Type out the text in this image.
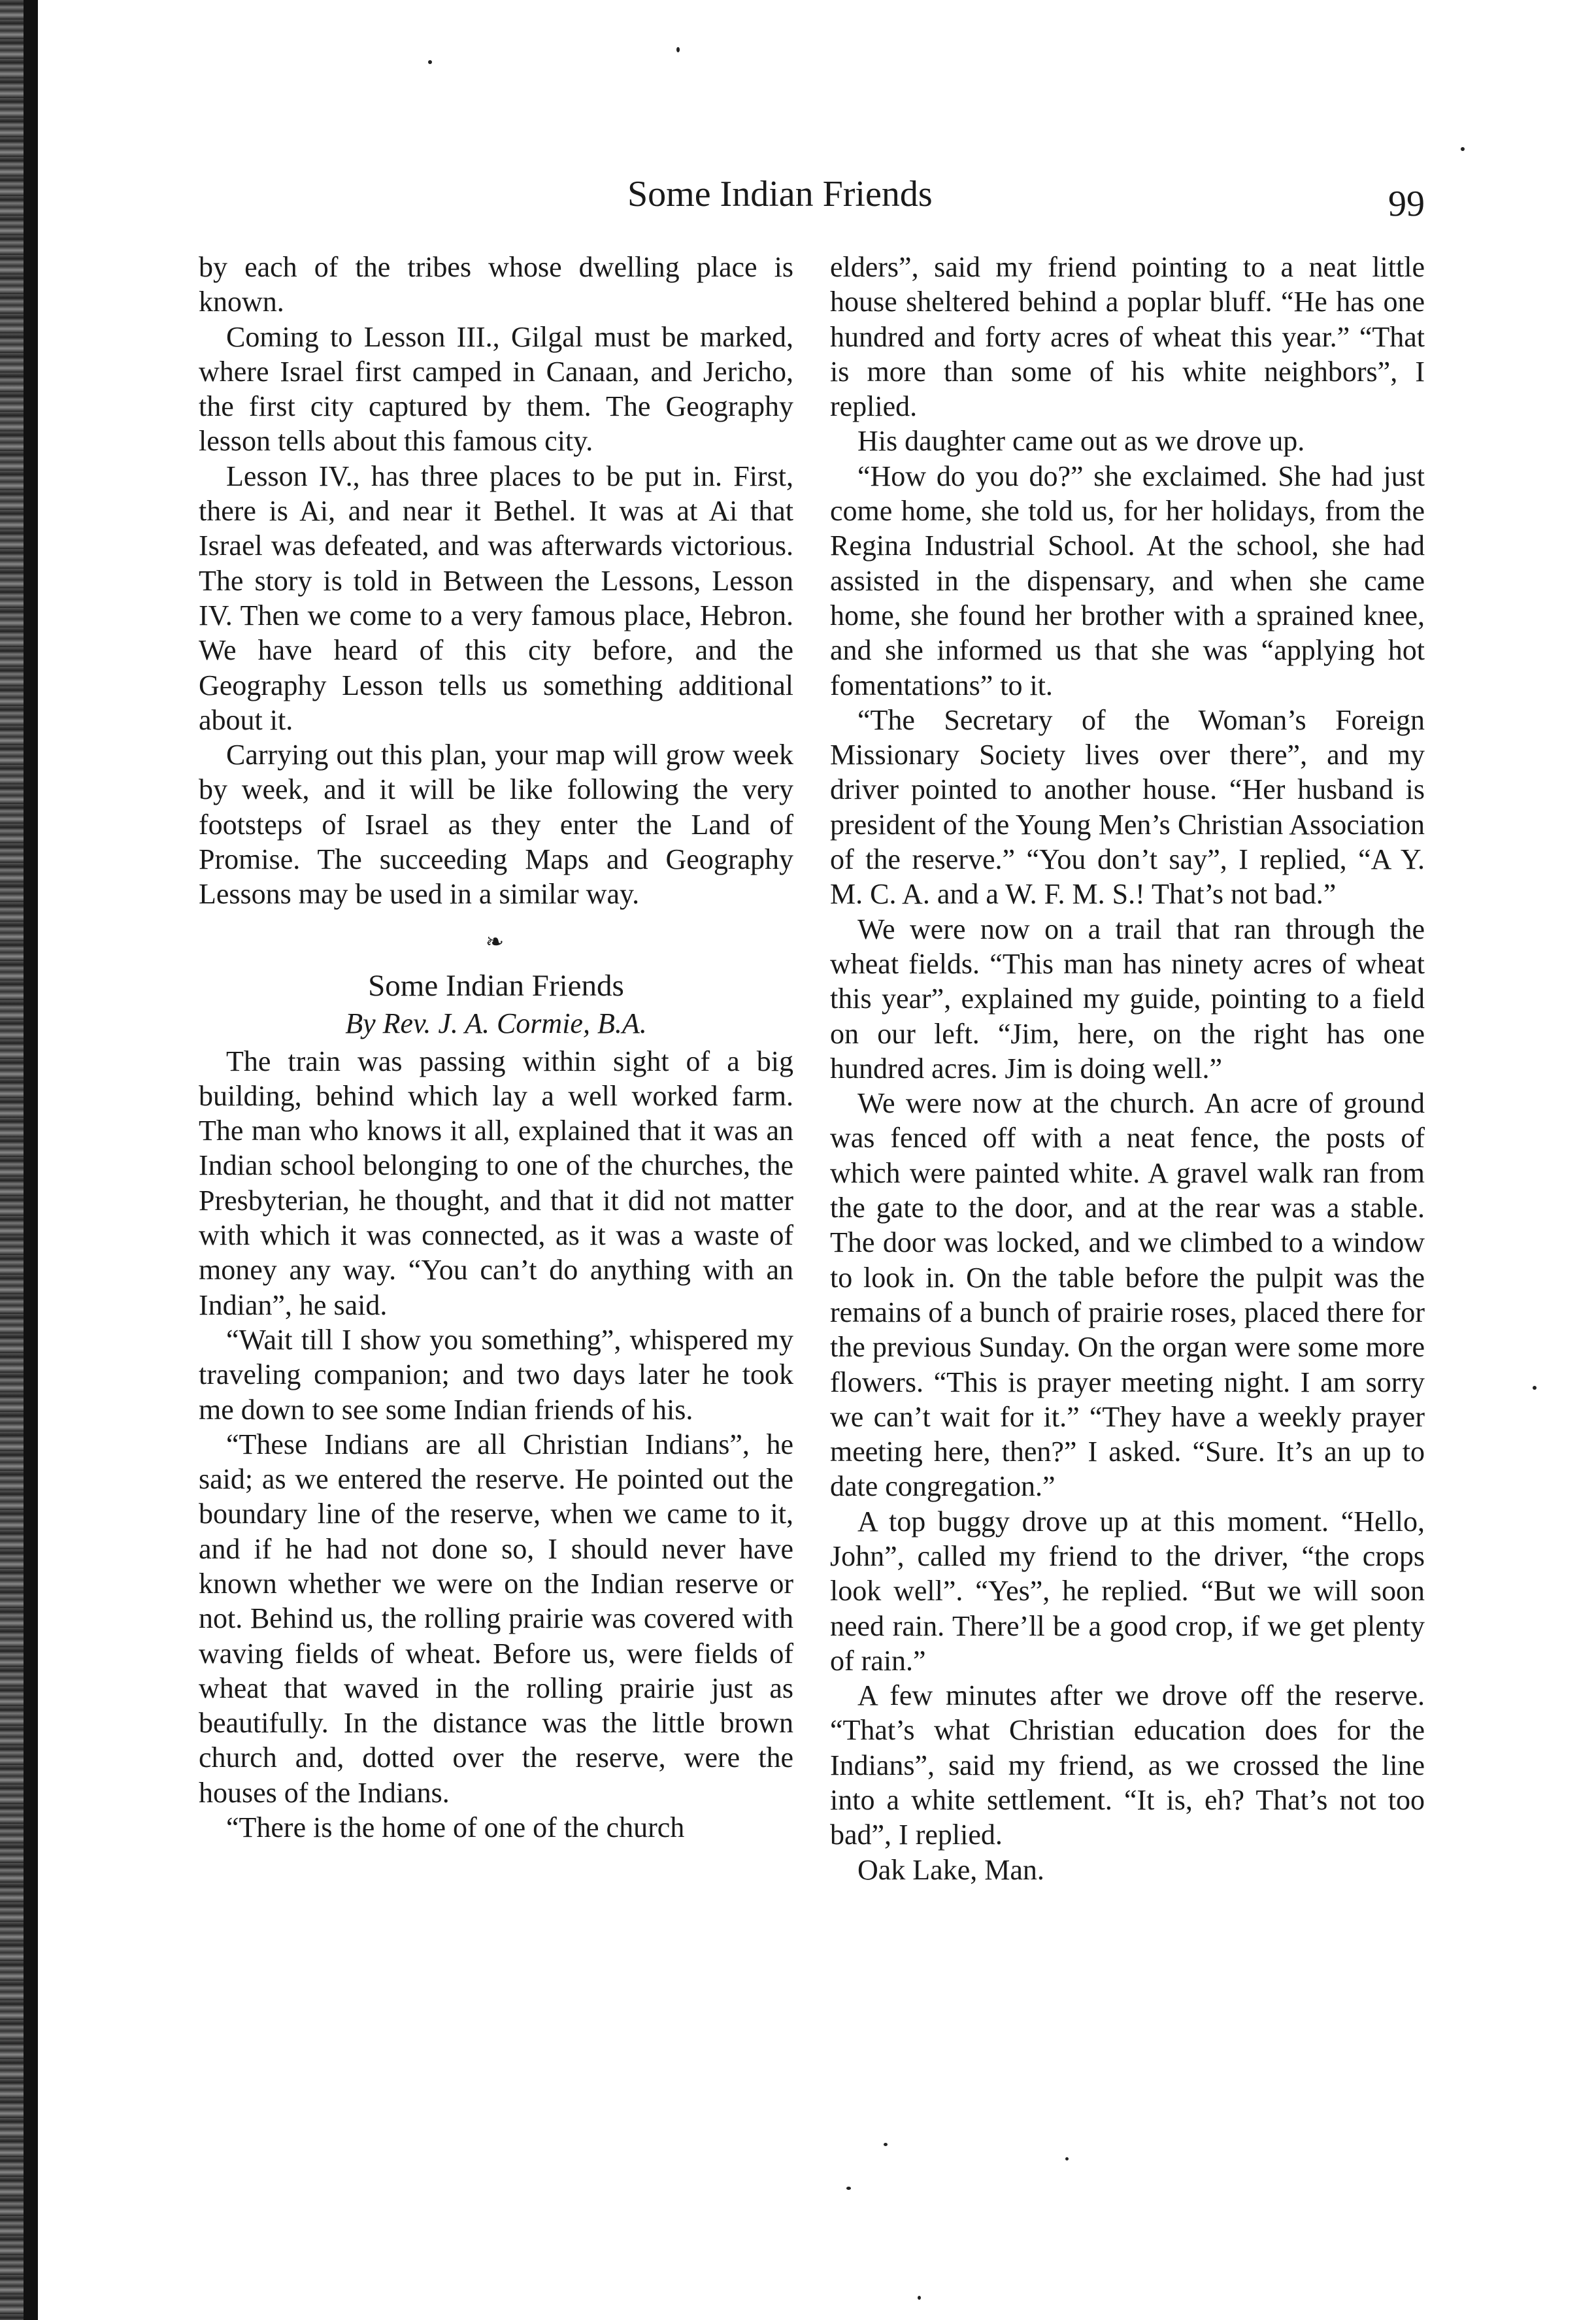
Some Indian Friends	99

by each of the tribes whose dwelling place is known.

Coming to Lesson III., Gilgal must be marked, where Israel first camped in Canaan, and Jericho, the first city captured by them. The Geography lesson tells about this famous city.

Lesson IV., has three places to be put in. First, there is Ai, and near it Bethel. It was at Ai that Israel was defeated, and was afterwards victorious. The story is told in Between the Lessons, Lesson IV. Then we come to a very famous place, Hebron. We have heard of this city before, and the Geography Lesson tells us something additional about it.

Carrying out this plan, your map will grow week by week, and it will be like following the very footsteps of Israel as they enter the Land of Promise. The succeeding Maps and Geography Lessons may be used in a similar way.

❧
Some Indian Friends
By Rev. J. A. Cormie, B.A.

The train was passing within sight of a big building, behind which lay a well worked farm. The man who knows it all, explained that it was an Indian school belonging to one of the churches, the Presbyterian, he thought, and that it did not matter with which it was connected, as it was a waste of money any way. “You can’t do anything with an Indian”, he said.

“Wait till I show you something”, whispered my traveling companion; and two days later he took me down to see some Indian friends of his.

“These Indians are all Christian Indians”, he said; as we entered the reserve. He pointed out the boundary line of the reserve, when we came to it, and if he had not done so, I should never have known whether we were on the Indian reserve or not. Behind us, the rolling prairie was covered with waving fields of wheat. Before us, were fields of wheat that waved in the rolling prairie just as beautifully. In the distance was the little brown church and, dotted over the reserve, were the houses of the Indians.

“There is the home of one of the church

elders”, said my friend pointing to a neat little house sheltered behind a poplar bluff. “He has one hundred and forty acres of wheat this year.” “That is more than some of his white neighbors”, I replied.

His daughter came out as we drove up.

“How do you do?” she exclaimed. She had just come home, she told us, for her holidays, from the Regina Industrial School. At the school, she had assisted in the dispensary, and when she came home, she found her brother with a sprained knee, and she informed us that she was “applying hot fomentations” to it.

“The Secretary of the Woman’s Foreign Missionary Society lives over there”, and my driver pointed to another house. “Her husband is president of the Young Men’s Christian Association of the reserve.” “You don’t say”, I replied, “A Y. M. C. A. and a W. F. M. S.! That’s not bad.”

We were now on a trail that ran through the wheat fields. “This man has ninety acres of wheat this year”, explained my guide, pointing to a field on our left. “Jim, here, on the right has one hundred acres. Jim is doing well.”

We were now at the church. An acre of ground was fenced off with a neat fence, the posts of which were painted white. A gravel walk ran from the gate to the door, and at the rear was a stable. The door was locked, and we climbed to a window to look in. On the table before the pulpit was the remains of a bunch of prairie roses, placed there for the previous Sunday. On the organ were some more flowers. “This is prayer meeting night. I am sorry we can’t wait for it.” “They have a weekly prayer meeting here, then?” I asked. “Sure. It’s an up to date congregation.”

A top buggy drove up at this moment. “Hello, John”, called my friend to the driver, “the crops look well”. “Yes”, he replied. “But we will soon need rain. There’ll be a good crop, if we get plenty of rain.”

A few minutes after we drove off the reserve. “That’s what Christian education does for the Indians”, said my friend, as we crossed the line into a white settlement. “It is, eh? That’s not too bad”, I replied.

Oak Lake, Man.
